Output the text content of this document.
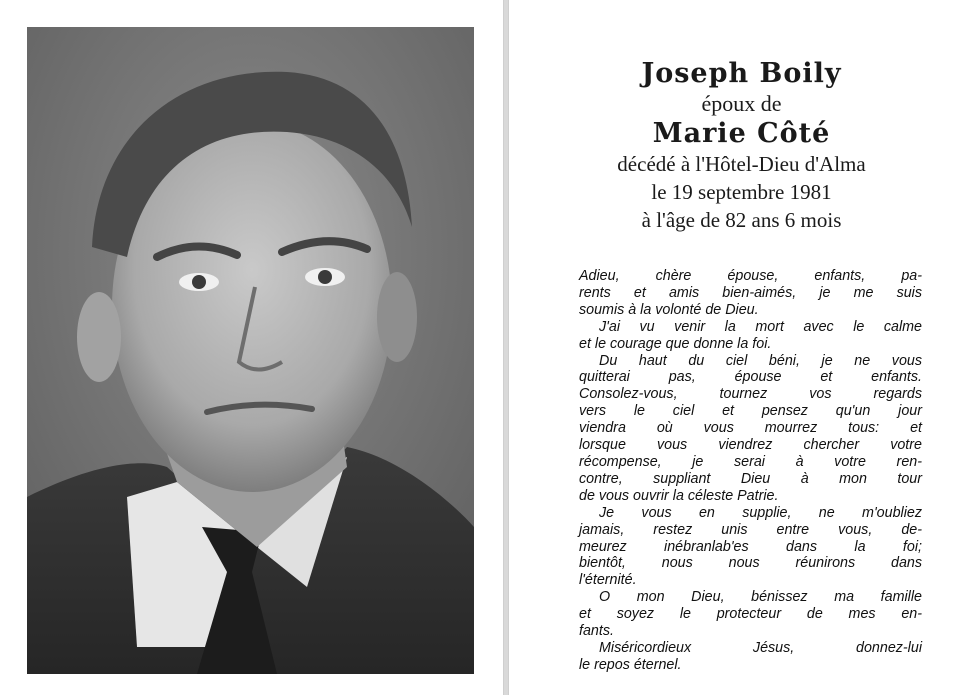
Joseph Boily
époux de
Marie Côté
décédé à l'Hôtel-Dieu d'Alma
le 19 septembre 1981
à l'âge de 82 ans 6 mois
Adieu, chère épouse, enfants, pa-
rents et amis bien-aimés, je me suis
soumis à la volonté de Dieu.
J'ai vu venir la mort avec le calme
et le courage que donne la foi.
Du haut du ciel béni, je ne vous
quitterai pas, épouse et enfants.
Consolez-vous, tournez vos regards
vers le ciel et pensez qu'un jour
viendra où vous mourrez tous: et
lorsque vous viendrez chercher votre
récompense, je serai à votre ren-
contre, suppliant Dieu à mon tour
de vous ouvrir la céleste Patrie.
Je vous en supplie, ne m'oubliez
jamais, restez unis entre vous, de-
meurez inébranlab'es dans la foi;
bientôt, nous nous réunirons dans
l'éternité.
O mon Dieu, bénissez ma famille
et soyez le protecteur de mes en-
fants.
Miséricordieux Jésus, donnez-lui
le repos éternel.
